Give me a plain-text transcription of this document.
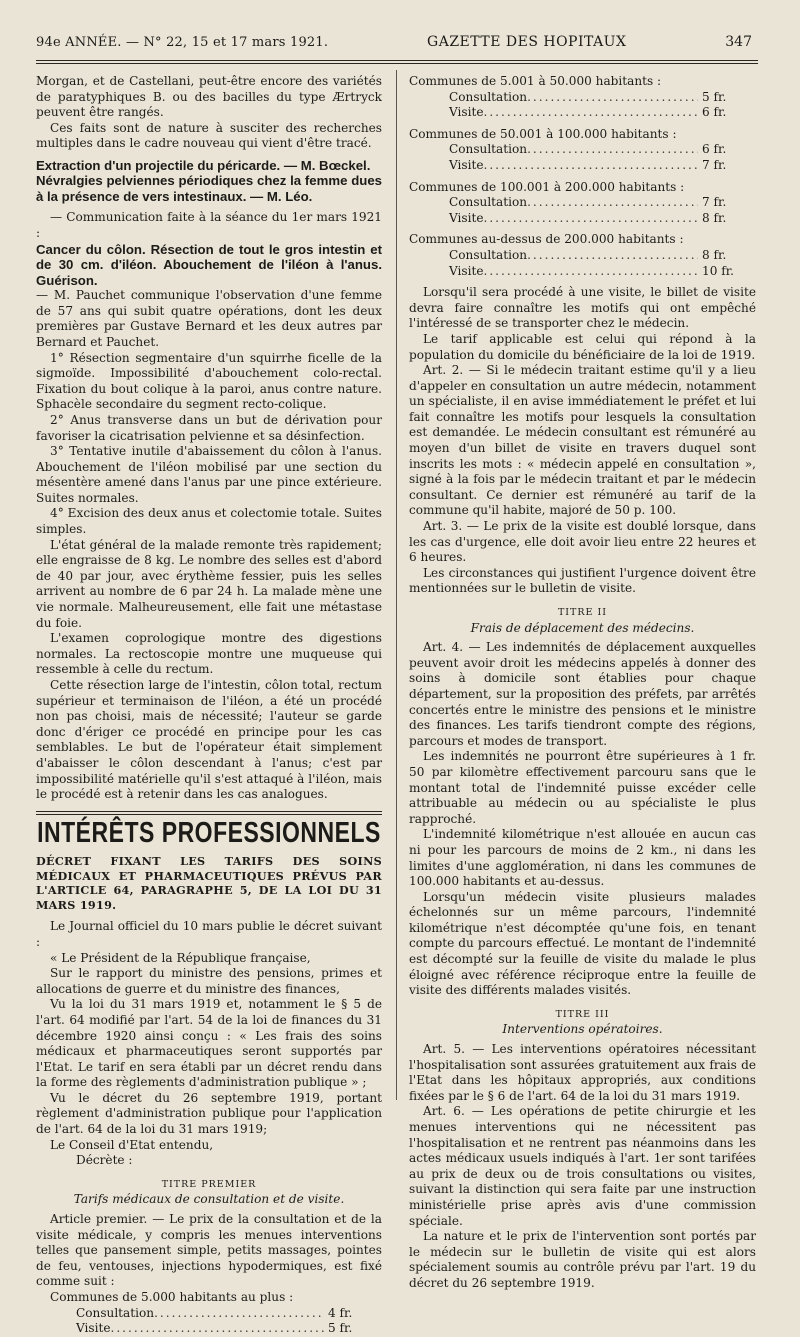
94e ANNÉE. — N° 22, 15 et 17 mars 1921.	GAZETTE DES HOPITAUX	347

Morgan, et de Castellani, peut-être encore des variétés de paratyphiques B. ou des bacilles du type Ærtryck peuvent être rangés.

Ces faits sont de nature à susciter des recherches multiples dans le cadre nouveau qui vient d'être tracé.

Extraction d'un projectile du péricarde. — M. Bœckel.
Névralgies pelviennes périodiques chez la femme dues à la présence de vers intestinaux. — M. Léo.

— Communication faite à la séance du 1er mars 1921 :

Cancer du côlon. Résection de tout le gros intestin et de 30 cm. d'iléon. Abouchement de l'iléon à l'anus. Guérison.

— M. Pauchet communique l'observation d'une femme de 57 ans qui subit quatre opérations, dont les deux premières par Gustave Bernard et les deux autres par Bernard et Pauchet.

1° Résection segmentaire d'un squirrhe ficelle de la sigmoïde. Impossibilité d'abouchement colo-rectal. Fixation du bout colique à la paroi, anus contre nature. Sphacèle secondaire du segment recto-colique.

2° Anus transverse dans un but de dérivation pour favoriser la cicatrisation pelvienne et sa désinfection.

3° Tentative inutile d'abaissement du côlon à l'anus. Abouchement de l'iléon mobilisé par une section du mésentère amené dans l'anus par une pince extérieure. Suites normales.

4° Excision des deux anus et colectomie totale. Suites simples.

L'état général de la malade remonte très rapidement; elle engraisse de 8 kg. Le nombre des selles est d'abord de 40 par jour, avec érythème fessier, puis les selles arrivent au nombre de 6 par 24 h. La malade mène une vie normale. Malheureusement, elle fait une métastase du foie.

L'examen coprologique montre des digestions normales. La rectoscopie montre une muqueuse qui ressemble à celle du rectum.

Cette résection large de l'intestin, côlon total, rectum supérieur et terminaison de l'iléon, a été un procédé non pas choisi, mais de nécessité; l'auteur se garde donc d'ériger ce procédé en principe pour les cas semblables. Le but de l'opérateur était simplement d'abaisser le côlon descendant à l'anus; c'est par impossibilité matérielle qu'il s'est attaqué à l'iléon, mais le procédé est à retenir dans les cas analogues.

INTÉRÊTS PROFESSIONNELS
DÉCRET FIXANT LES TARIFS DES SOINS MÉDICAUX ET PHARMACEUTIQUES PRÉVUS PAR L'ARTICLE 64, PARAGRAPHE 5, DE LA LOI DU 31 MARS 1919.

Le Journal officiel du 10 mars publie le décret suivant :

« Le Président de la République française,

Sur le rapport du ministre des pensions, primes et allocations de guerre et du ministre des finances,

Vu la loi du 31 mars 1919 et, notamment le § 5 de l'art. 64 modifié par l'art. 54 de la loi de finances du 31 décembre 1920 ainsi conçu : « Les frais des soins médicaux et pharmaceutiques seront supportés par l'Etat. Le tarif en sera établi par un décret rendu dans la forme des règlements d'administration publique » ;

Vu le décret du 26 septembre 1919, portant règlement d'administration publique pour l'application de l'art. 64 de la loi du 31 mars 1919;

Le Conseil d'Etat entendu,

Décrète :

TITRE PREMIER
Tarifs médicaux de consultation et de visite.

Article premier. — Le prix de la consultation et de la visite médicale, y compris les menues interventions telles que pansement simple, petits massages, pointes de feu, ventouses, injections hypodermiques, est fixé comme suit :

Communes de 5.000 habitants au plus :

Consultation .....	4 fr.
Visite .....	5 fr.

Communes de 5.001 à 50.000 habitants :

Consultation .....	5 fr.
Visite .....	6 fr.

Communes de 50.001 à 100.000 habitants :

Consultation .....	6 fr.
Visite .....	7 fr.

Communes de 100.001 à 200.000 habitants :

Consultation .....	7 fr.
Visite .....	8 fr.

Communes au-dessus de 200.000 habitants :

Consultation .....	8 fr.
Visite .....	10 fr.

Lorsqu'il sera procédé à une visite, le billet de visite devra faire connaître les motifs qui ont empêché l'intéressé de se transporter chez le médecin.

Le tarif applicable est celui qui répond à la population du domicile du bénéficiaire de la loi de 1919.

Art. 2. — Si le médecin traitant estime qu'il y a lieu d'appeler en consultation un autre médecin, notamment un spécialiste, il en avise immédiatement le préfet et lui fait connaître les motifs pour lesquels la consultation est demandée. Le médecin consultant est rémunéré au moyen d'un billet de visite en travers duquel sont inscrits les mots : « médecin appelé en consultation », signé à la fois par le médecin traitant et par le médecin consultant. Ce dernier est rémunéré au tarif de la commune qu'il habite, majoré de 50 p. 100.

Art. 3. — Le prix de la visite est doublé lorsque, dans les cas d'urgence, elle doit avoir lieu entre 22 heures et 6 heures.

Les circonstances qui justifient l'urgence doivent être mentionnées sur le bulletin de visite.

TITRE II
Frais de déplacement des médecins.

Art. 4. — Les indemnités de déplacement auxquelles peuvent avoir droit les médecins appelés à donner des soins à domicile sont établies pour chaque département, sur la proposition des préfets, par arrêtés concertés entre le ministre des pensions et le ministre des finances. Les tarifs tiendront compte des régions, parcours et modes de transport.

Les indemnités ne pourront être supérieures à 1 fr. 50 par kilomètre effectivement parcouru sans que le montant total de l'indemnité puisse excéder celle attribuable au médecin ou au spécialiste le plus rapproché.

L'indemnité kilométrique n'est allouée en aucun cas ni pour les parcours de moins de 2 km., ni dans les limites d'une agglomération, ni dans les communes de 100.000 habitants et au-dessus.

Lorsqu'un médecin visite plusieurs malades échelonnés sur un même parcours, l'indemnité kilométrique n'est décomptée qu'une fois, en tenant compte du parcours effectué. Le montant de l'indemnité est décompté sur la feuille de visite du malade le plus éloigné avec référence réciproque entre la feuille de visite des différents malades visités.

TITRE III
Interventions opératoires.

Art. 5. — Les interventions opératoires nécessitant l'hospitalisation sont assurées gratuitement aux frais de l'Etat dans les hôpitaux appropriés, aux conditions fixées par le § 6 de l'art. 64 de la loi du 31 mars 1919.

Art. 6. — Les opérations de petite chirurgie et les menues interventions qui ne nécessitent pas l'hospitalisation et ne rentrent pas néanmoins dans les actes médicaux usuels indiqués à l'art. 1er sont tarifées au prix de deux ou de trois consultations ou visites, suivant la distinction qui sera faite par une instruction ministérielle prise après avis d'une commission spéciale.

La nature et le prix de l'intervention sont portés par le médecin sur le bulletin de visite qui est alors spécialement soumis au contrôle prévu par l'art. 19 du décret du 26 septembre 1919.
